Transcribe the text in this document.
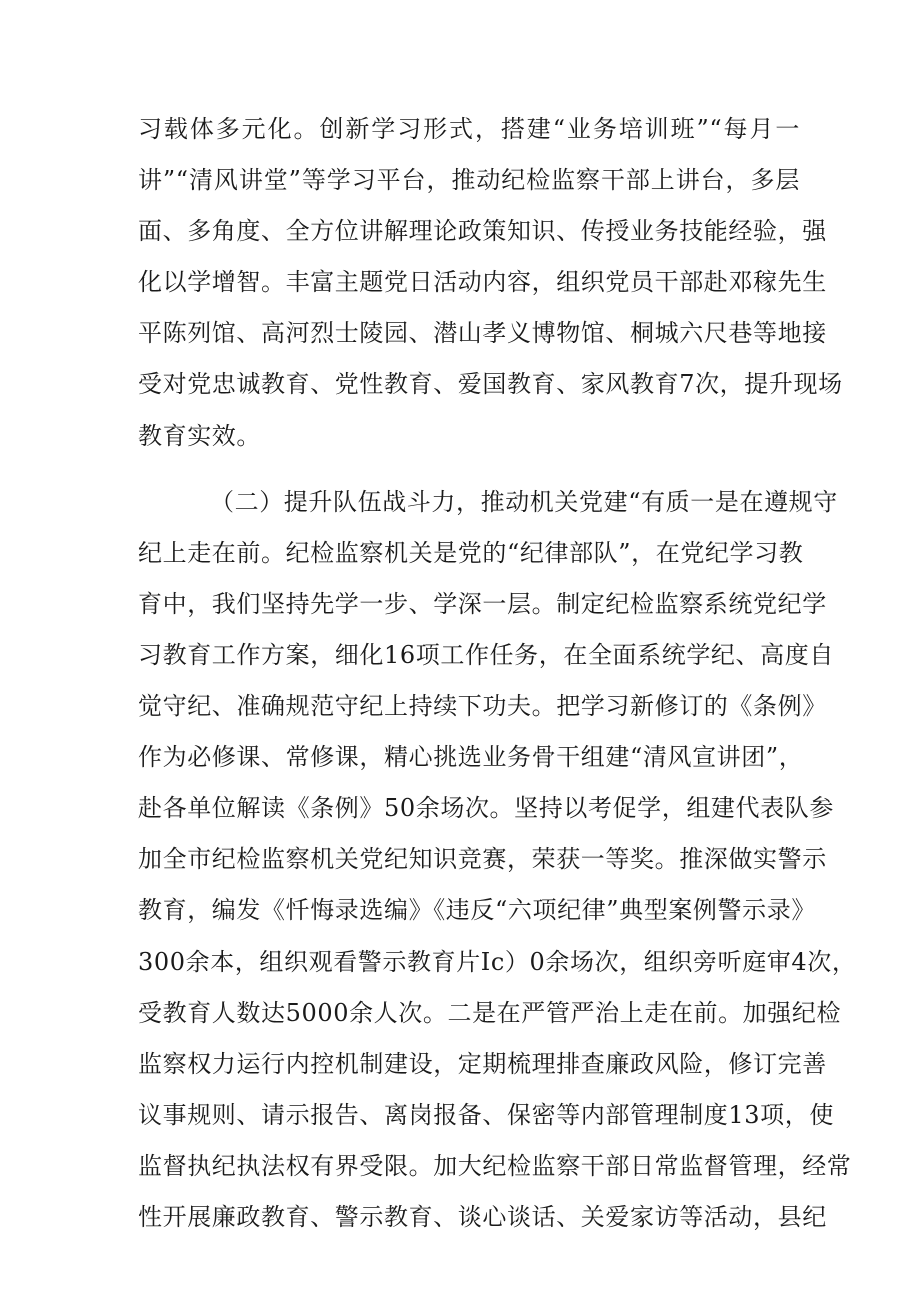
习载体多元化。创新学习形式，搭建“业务培训班”“每月一
讲”“清风讲堂”等学习平台，推动纪检监察干部上讲台，多层
面、多角度、全方位讲解理论政策知识、传授业务技能经验，强
化以学增智。丰富主题党日活动内容，组织党员干部赴邓稼先生
平陈列馆、高河烈士陵园、潜山孝义博物馆、桐城六尺巷等地接
受对党忠诚教育、党性教育、爱国教育、家风教育7次，提升现场
教育实效。
（二）提升队伍战斗力，推动机关党建“有质一是在遵规守
纪上走在前。纪检监察机关是党的“纪律部队”，在党纪学习教
育中，我们坚持先学一步、学深一层。制定纪检监察系统党纪学
习教育工作方案，细化16项工作任务，在全面系统学纪、高度自
觉守纪、准确规范守纪上持续下功夫。把学习新修订的《条例》
作为必修课、常修课，精心挑选业务骨干组建“清风宣讲团”，
赴各单位解读《条例》50余场次。坚持以考促学，组建代表队参
加全市纪检监察机关党纪知识竞赛，荣获一等奖。推深做实警示
教育，编发《忏悔录选编》《违反“六项纪律”典型案例警示录》
300余本，组织观看警示教育片Ic）0余场次，组织旁听庭审4次，
受教育人数达5000余人次。二是在严管严治上走在前。加强纪检
监察权力运行内控机制建设，定期梳理排查廉政风险，修订完善
议事规则、请示报告、离岗报备、保密等内部管理制度13项，使
监督执纪执法权有界受限。加大纪检监察干部日常监督管理，经常
性开展廉政教育、警示教育、谈心谈话、关爱家访等活动，县纪
